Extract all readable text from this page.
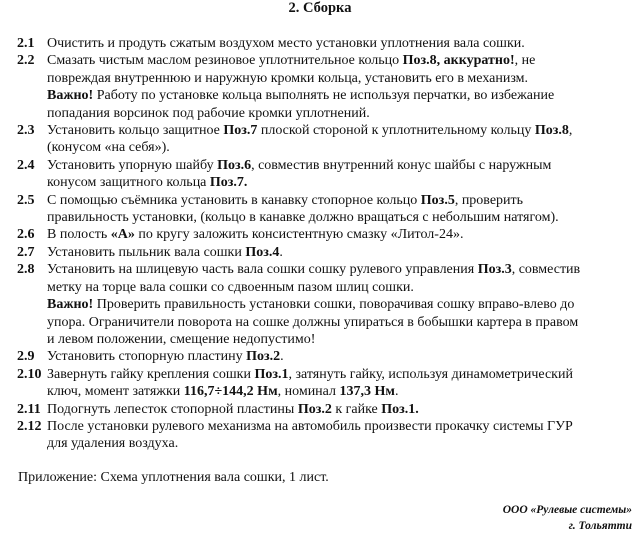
2. Сборка
2.1 Очистить и продуть сжатым воздухом место установки уплотнения вала сошки.
2.2 Смазать чистым маслом резиновое уплотнительное кольцо Поз.8, аккуратно!, не
повреждая внутреннюю и наружную кромки кольца, установить его в механизм.
Важно! Работу по установке кольца выполнять не используя перчатки, во избежание
попадания ворсинок под рабочие кромки уплотнений.
2.3 Установить кольцо защитное Поз.7 плоской стороной к уплотнительному кольцу Поз.8,
(конусом «на себя»).
2.4 Установить упорную шайбу Поз.6, совместив внутренний конус шайбы с наружным
конусом защитного кольца Поз.7.
2.5 С помощью съёмника установить в канавку стопорное кольцо Поз.5, проверить
правильность установки, (кольцо в канавке должно вращаться с небольшим натягом).
2.6 В полость «А» по кругу заложить консистентную смазку «Литол-24».
2.7 Установить пыльник вала сошки Поз.4.
2.8 Установить на шлицевую часть вала сошки сошку рулевого управления Поз.3, совместив
метку на торце вала сошки со сдвоенным пазом шлиц сошки.
Важно! Проверить правильность установки сошки, поворачивая сошку вправо-влево до
упора. Ограничители поворота на сошке должны упираться в бобышки картера в правом
и левом положении, смещение недопустимо!
2.9 Установить стопорную пластину Поз.2.
2.10 Завернуть гайку крепления сошки Поз.1, затянуть гайку, используя динамометрический
ключ, момент затяжки 116,7÷144,2 Нм, номинал 137,3 Нм.
2.11 Подогнуть лепесток стопорной пластины Поз.2 к гайке Поз.1.
2.12 После установки рулевого механизма на автомобиль произвести прокачку системы ГУР
для удаления воздуха.
Приложение: Схема уплотнения вала сошки, 1 лист.
ООО «Рулевые системы»
г. Тольятти
